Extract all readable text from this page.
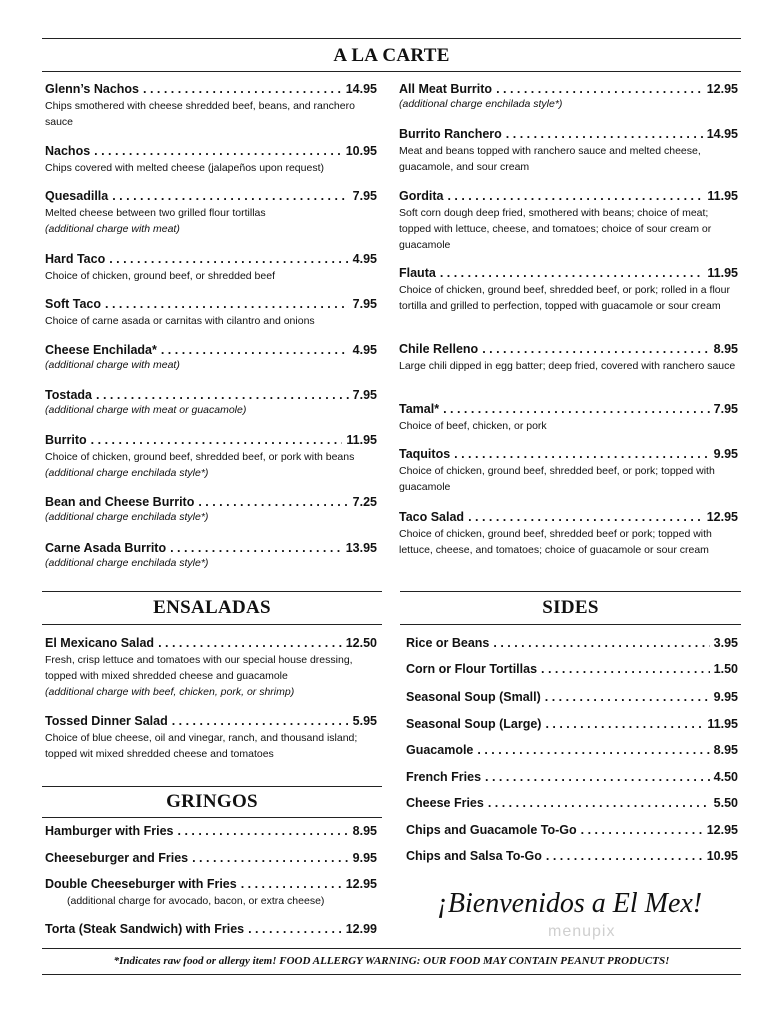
A LA CARTE
Glenn’s Nachos . . .	14.95
Chips smothered with cheese shredded beef, beans, and ranchero sauce
Nachos . . .	10.95
Chips covered with melted cheese (jalapeños upon request)
Quesadilla . . .	7.95
Melted cheese between two grilled flour tortillas
(additional charge with meat)
Hard Taco . . .	4.95
Choice of chicken, ground beef, or shredded beef
Soft Taco . . .	7.95
Choice of carne asada or carnitas with cilantro and onions
Cheese Enchilada* . . .	4.95
(additional charge with meat)
Tostada . . .	7.95
(additional charge with meat or guacamole)
Burrito . . .	11.95
Choice of chicken, ground beef, shredded beef, or pork with beans (additional charge enchilada style*)
Bean and Cheese Burrito . . .	7.25
(additional charge enchilada style*)
Carne Asada Burrito . . .	13.95
(additional charge enchilada style*)
All Meat Burrito . . .	12.95
(additional charge enchilada style*)
Burrito Ranchero . . .	14.95
Meat and beans topped with ranchero sauce and melted cheese, guacamole, and sour cream
Gordita . . .	11.95
Soft corn dough deep fried, smothered with beans; choice of meat; topped with lettuce, cheese, and tomatoes; choice of sour cream or guacamole
Flauta . . .	11.95
Choice of chicken, ground beef, shredded beef, or pork; rolled in a flour tortilla and grilled to perfection, topped with guacamole or sour cream
Chile Relleno . . .	8.95
Large chili dipped in egg batter; deep fried, covered with ranchero sauce
Tamal* . . .	7.95
Choice of beef, chicken, or pork
Taquitos . . .	9.95
Choice of chicken, ground beef, shredded beef, or pork; topped with guacamole
Taco Salad . . .	12.95
Choice of chicken, ground beef, shredded beef or pork; topped with lettuce, cheese, and tomatoes; choice of guacamole or sour cream
ENSALADAS
El Mexicano Salad . . .	12.50
Fresh, crisp lettuce and tomatoes with our special house dressing, topped with mixed shredded cheese and guacamole
(additional charge with beef, chicken, pork, or shrimp)
Tossed Dinner Salad . . .	5.95
Choice of blue cheese, oil and vinegar, ranch, and thousand island; topped wit mixed shredded cheese and tomatoes
GRINGOS
Hamburger with Fries . . .	8.95
Cheeseburger and Fries . . .	9.95
Double Cheeseburger with Fries . . .	12.95
(additional charge for avocado, bacon, or extra cheese)
Torta (Steak Sandwich) with Fries . . .	12.99
SIDES
Rice or Beans . . .	3.95
Corn or Flour Tortillas . . .	1.50
Seasonal Soup (Small) . . .	9.95
Seasonal Soup (Large) . . .	11.95
Guacamole . . .	8.95
French Fries . . .	4.50
Cheese Fries . . .	5.50
Chips and Guacamole To-Go . . .	12.95
Chips and Salsa To-Go . . .	10.95
¡Bienvenidos a El Mex!
menupix
*Indicates raw food or allergy item! FOOD ALLERGY WARNING: OUR FOOD MAY CONTAIN PEANUT PRODUCTS!
